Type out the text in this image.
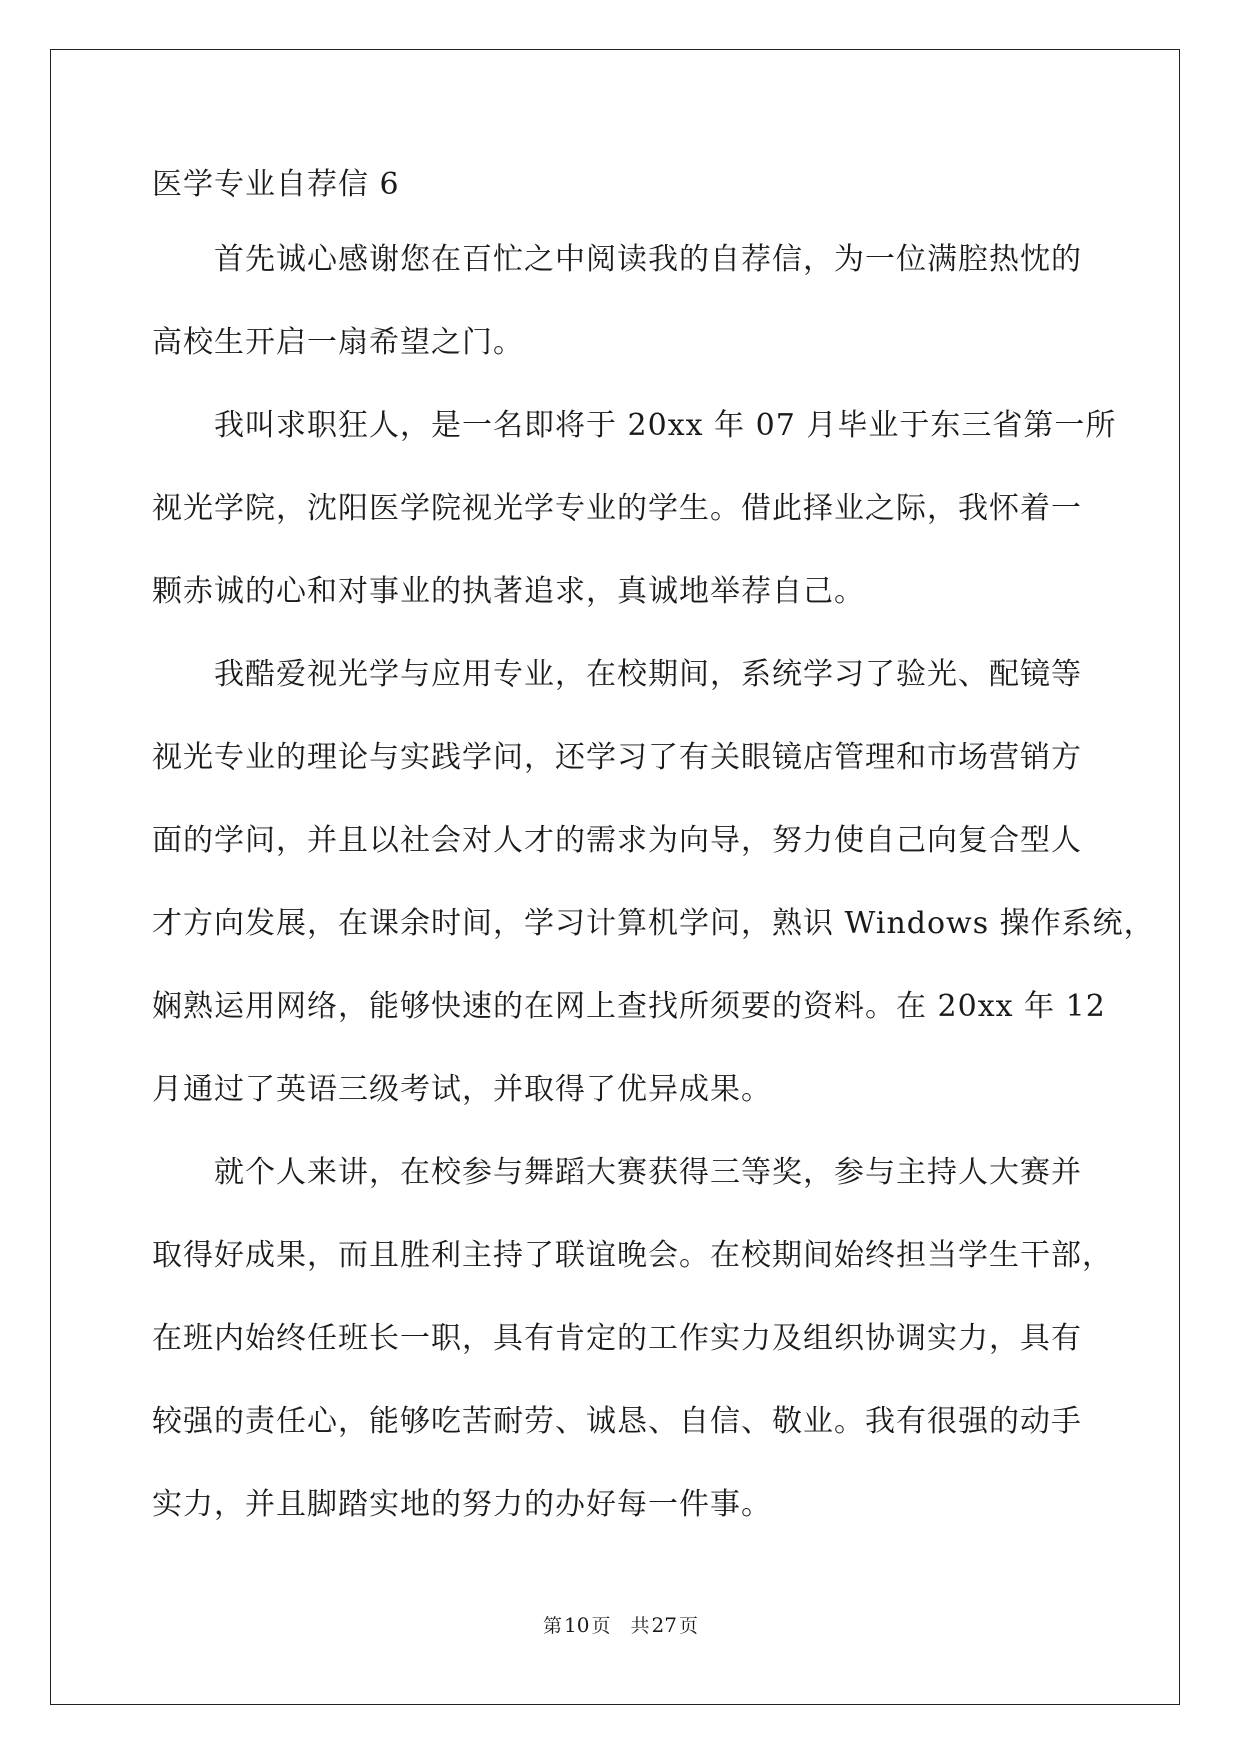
医学专业自荐信 6
首先诚心感谢您在百忙之中阅读我的自荐信，为一位满腔热忱的
高校生开启一扇希望之门。
我叫求职狂人，是一名即将于 20xx 年 07 月毕业于东三省第一所
视光学院，沈阳医学院视光学专业的学生。借此择业之际，我怀着一
颗赤诚的心和对事业的执著追求，真诚地举荐自己。
我酷爱视光学与应用专业，在校期间，系统学习了验光、配镜等
视光专业的理论与实践学问，还学习了有关眼镜店管理和市场营销方
面的学问，并且以社会对人才的需求为向导，努力使自己向复合型人
才方向发展，在课余时间，学习计算机学问，熟识 Windows 操作系统，
娴熟运用网络，能够快速的在网上查找所须要的资料。在 20xx 年 12
月通过了英语三级考试，并取得了优异成果。
就个人来讲，在校参与舞蹈大赛获得三等奖，参与主持人大赛并
取得好成果，而且胜利主持了联谊晚会。在校期间始终担当学生干部，
在班内始终任班长一职，具有肯定的工作实力及组织协调实力，具有
较强的责任心，能够吃苦耐劳、诚恳、自信、敬业。我有很强的动手
实力，并且脚踏实地的努力的办好每一件事。
第 10 页 共 27 页
